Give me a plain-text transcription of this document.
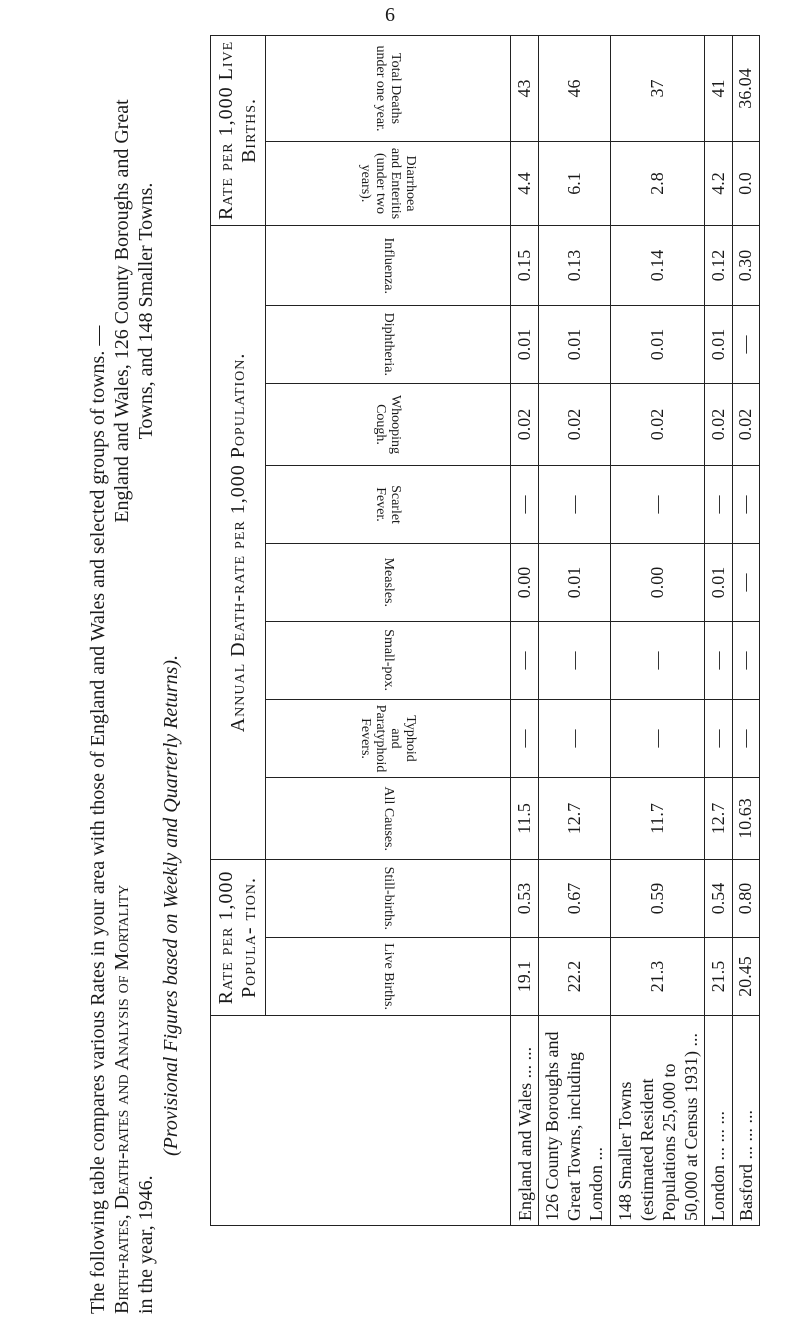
6
The following table compares various Rates in your area with those of England and Wales and selected groups of towns. — Birth-rates, Death-rates and Analysis of Mortality in the year, 1946.
England and Wales, 126 County Boroughs and Great Towns, and 148 Smaller Towns.
(Provisional Figures based on Weekly and Quarterly Returns).
	Rate per 1,000 Popula- tion.		Annual Death-rate per 1,000 Population.								Rate per 1,000 Live Births.	
	Live Births.	Still-births.	All Causes.	Typhoid and Paratyphoid Fevers.	Small-pox.	Measles.	Scarlet Fever.	Whooping Cough.	Diphtheria.	Influenza.	Diarrhoea and Enteritis (under two years).	Total Deaths under one year.
England and Wales ... ...	19.1	0.53	11.5	—	—	0.00	—	0.02	0.01	0.15	4.4	43
126 County Boroughs and Great Towns, including London ...	22.2	0.67	12.7	—	—	0.01	—	0.02	0.01	0.13	6.1	46
148 Smaller Towns (estimated Resident Populations 25,000 to 50,000 at Census 1931) ...	21.3	0.59	11.7	—	—	0.00	—	0.02	0.01	0.14	2.8	37
London ... ... ...	21.5	0.54	12.7	—	—	0.01	—	0.02	0.01	0.12	4.2	41
Basford ... ... ...	20.45	0.80	10.63	—	—	—	—	0.02	—	0.30	0.0	36.04
